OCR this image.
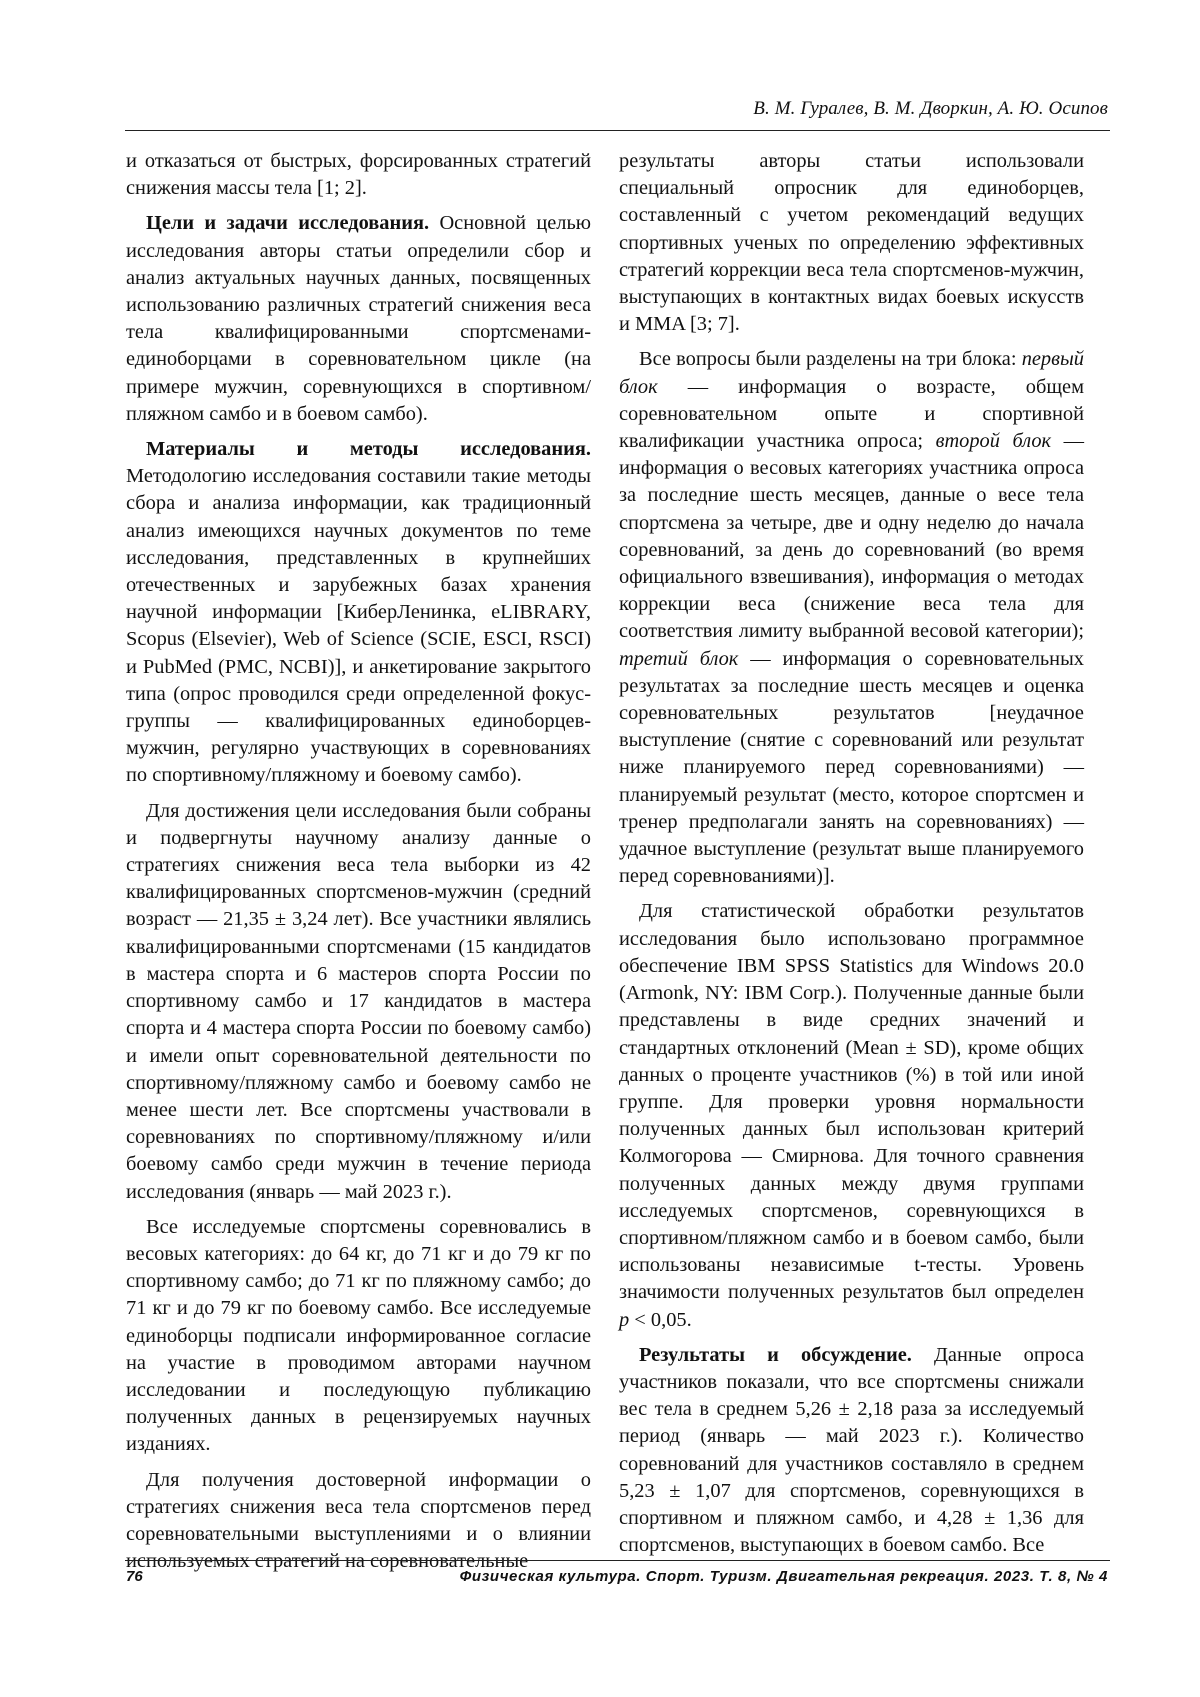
В. М. Гуралев, В. М. Дворкин, А. Ю. Осипов

и отказаться от быстрых, форсированных стратегий снижения массы тела [1; 2].

Цели и задачи исследования. Основной целью исследования авторы статьи определили сбор и анализ актуальных научных данных, посвященных использованию различных стратегий снижения веса тела квалифицированными спортсменами-единоборцами в соревновательном цикле (на примере мужчин, соревнующихся в спортивном/пляжном самбо и в боевом самбо).

Материалы и методы исследования. Методологию исследования составили такие методы сбора и анализа информации, как традиционный анализ имеющихся научных документов по теме исследования, представленных в крупнейших отечественных и зарубежных базах хранения научной информации [КиберЛенинка, eLIBRARY, Scopus (Elsevier), Web of Science (SCIE, ESCI, RSCI) и PubMed (PMC, NCBI)], и анкетирование закрытого типа (опрос проводился среди определенной фокус-группы — квалифицированных единоборцев-мужчин, регулярно участвующих в соревнованиях по спортивному/пляжному и боевому самбо).

Для достижения цели исследования были собраны и подвергнуты научному анализу данные о стратегиях снижения веса тела выборки из 42 квалифицированных спортсменов-мужчин (средний возраст — 21,35 ± 3,24 лет). Все участники являлись квалифицированными спортсменами (15 кандидатов в мастера спорта и 6 мастеров спорта России по спортивному самбо и 17 кандидатов в мастера спорта и 4 мастера спорта России по боевому самбо) и имели опыт соревновательной деятельности по спортивному/пляжному самбо и боевому самбо не менее шести лет. Все спортсмены участвовали в соревнованиях по спортивному/пляжному и/или боевому самбо среди мужчин в течение периода исследования (январь — май 2023 г.).

Все исследуемые спортсмены соревновались в весовых категориях: до 64 кг, до 71 кг и до 79 кг по спортивному самбо; до 71 кг по пляжному самбо; до 71 кг и до 79 кг по боевому самбо. Все исследуемые единоборцы подписали информированное согласие на участие в проводимом авторами научном исследовании и последующую публикацию полученных данных в рецензируемых научных изданиях.

Для получения достоверной информации о стратегиях снижения веса тела спортсменов перед соревновательными выступлениями и о влиянии используемых стратегий на соревновательные

результаты авторы статьи использовали специальный опросник для единоборцев, составленный с учетом рекомендаций ведущих спортивных ученых по определению эффективных стратегий коррекции веса тела спортсменов-мужчин, выступающих в контактных видах боевых искусств и MMA [3; 7].

Все вопросы были разделены на три блока: первый блок — информация о возрасте, общем соревновательном опыте и спортивной квалификации участника опроса; второй блок — информация о весовых категориях участника опроса за последние шесть месяцев, данные о весе тела спортсмена за четыре, две и одну неделю до начала соревнований, за день до соревнований (во время официального взвешивания), информация о методах коррекции веса (снижение веса тела для соответствия лимиту выбранной весовой категории); третий блок — информация о соревновательных результатах за последние шесть месяцев и оценка соревновательных результатов [неудачное выступление (снятие с соревнований или результат ниже планируемого перед соревнованиями) — планируемый результат (место, которое спортсмен и тренер предполагали занять на соревнованиях) — удачное выступление (результат выше планируемого перед соревнованиями)].

Для статистической обработки результатов исследования было использовано программное обеспечение IBM SPSS Statistics для Windows 20.0 (Armonk, NY: IBM Corp.). Полученные данные были представлены в виде средних значений и стандартных отклонений (Mean ± SD), кроме общих данных о проценте участников (%) в той или иной группе. Для проверки уровня нормальности полученных данных был использован критерий Колмогорова — Смирнова. Для точного сравнения полученных данных между двумя группами исследуемых спортсменов, соревнующихся в спортивном/пляжном самбо и в боевом самбо, были использованы независимые t-тесты. Уровень значимости полученных результатов был определен p < 0,05.

Результаты и обсуждение. Данные опроса участников показали, что все спортсмены снижали вес тела в среднем 5,26 ± 2,18 раза за исследуемый период (январь — май 2023 г.). Количество соревнований для участников составляло в среднем 5,23 ± 1,07 для спортсменов, соревнующихся в спортивном и пляжном самбо, и 4,28 ± 1,36 для спортсменов, выступающих в боевом самбо. Все

76	Физическая культура. Спорт. Туризм. Двигательная рекреация. 2023. Т. 8, № 4
